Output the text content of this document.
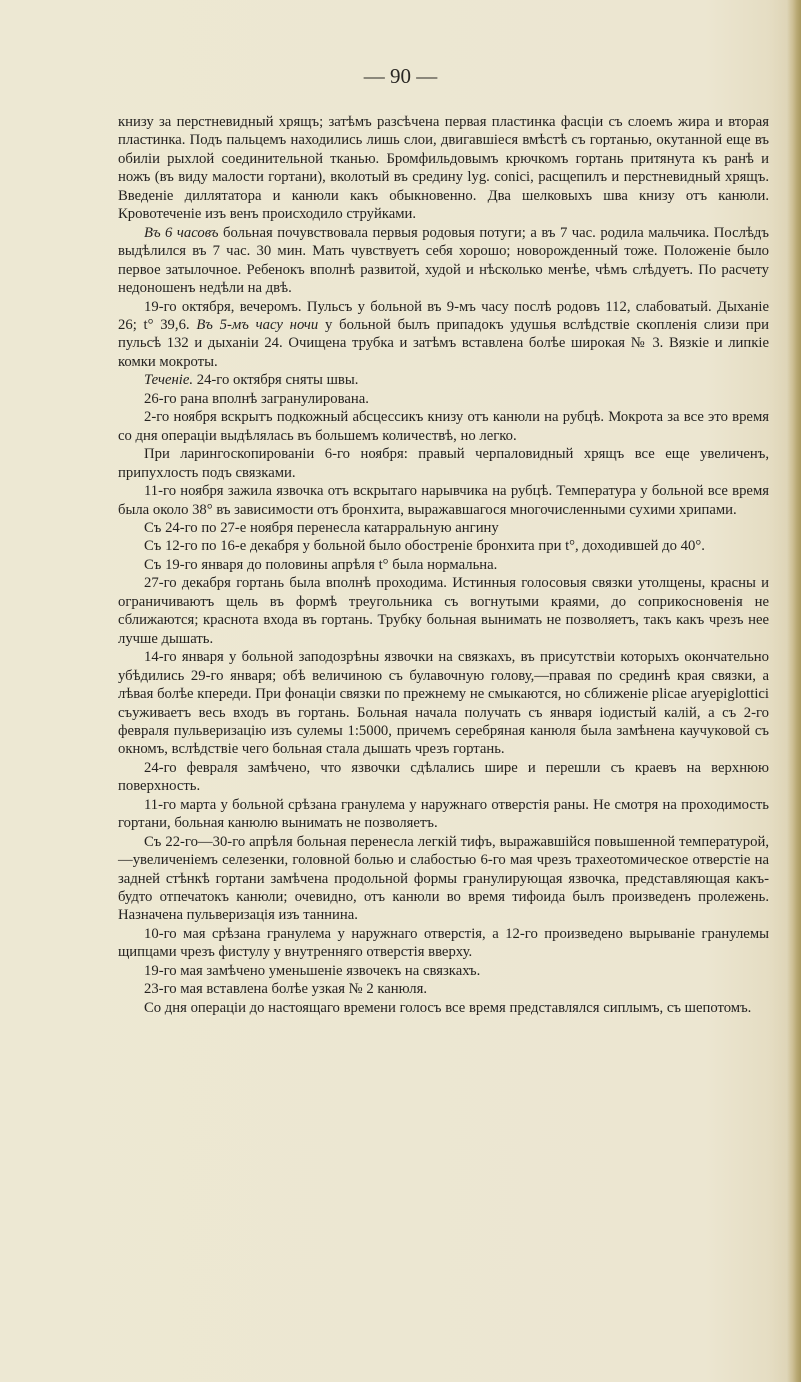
— 90 —

книзу за перстневидный хрящъ; затѣмъ разсѣчена первая пластинка фасціи съ слоемъ жира и вторая пластинка. Подъ пальцемъ находились лишь слои, двигавшіеся вмѣстѣ съ гортанью, окутанной еще въ обиліи рыхлой соединительной тканью. Бромфильдовымъ крючкомъ гортань притянута къ ранѣ и ножъ (въ виду малости гортани), вколотый въ средину lyg. conici, расщепилъ и перстневидный хрящъ. Введеніе диллятатора и канюли какъ обыкновенно. Два шелковыхъ шва книзу отъ канюли. Кровотеченіе изъ венъ происходило струйками.

Въ 6 часовъ больная почувствовала первыя родовыя потуги; а въ 7 час. родила мальчика. Послѣдъ выдѣлился въ 7 час. 30 мин. Мать чувствуетъ себя хорошо; новорожденный тоже. Положеніе было первое затылочное. Ребенокъ вполнѣ развитой, худой и нѣсколько менѣе, чѣмъ слѣдуетъ. По расчету недоношенъ недѣли на двѣ.

19-го октября, вечеромъ. Пульсъ у больной въ 9-мъ часу послѣ родовъ 112, слабоватый. Дыханіе 26; t° 39,6. Въ 5-мъ часу ночи у больной былъ припадокъ удушья вслѣдствіе скопленія слизи при пульсѣ 132 и дыханіи 24. Очищена трубка и затѣмъ вставлена болѣе широкая № 3. Вязкіе и липкіе комки мокроты.

Теченіе. 24-го октября сняты швы.

26-го рана вполнѣ загранулирована.

2-го ноября вскрытъ подкожный абсцессикъ книзу отъ канюли на рубцѣ. Мокрота за все это время со дня операціи выдѣлялась въ большемъ количествѣ, но легко.

При ларингоскопированіи 6-го ноября: правый черпаловидный хрящъ все еще увеличенъ, припухлость подъ связками.

11-го ноября зажила язвочка отъ вскрытаго нарывчика на рубцѣ. Температура у больной все время была около 38° въ зависимости отъ бронхита, выражавшагося многочисленными сухими хрипами.

Съ 24-го по 27-е ноября перенесла катарральную ангину

Съ 12-го по 16-е декабря у больной было обостреніе бронхита при t°, доходившей до 40°.

Съ 19-го января до половины апрѣля t° была нормальна.

27-го декабря гортань была вполнѣ проходима. Истинныя голосовыя связки утолщены, красны и ограничиваютъ щель въ формѣ треугольника съ вогнутыми краями, до соприкосновенія не сближаются; краснота входа въ гортань. Трубку больная вынимать не позволяетъ, такъ какъ чрезъ нее лучше дышать.

14-го января у больной заподозрѣны язвочки на связкахъ, въ присутствіи которыхъ окончательно убѣдились 29-го января; обѣ величиною съ булавочную голову,—правая по срединѣ края связки, а лѣвая болѣе кпереди. При фонаціи связки по прежнему не смыкаются, но сближеніе plicae aryepiglotticі съуживаетъ весь входъ въ гортань. Больная начала получать съ января іодистый калій, а съ 2-го февраля пульверизацію изъ сулемы 1:5000, причемъ серебряная канюля была замѣнена каучуковой съ окномъ, вслѣдствіе чего больная стала дышать чрезъ гортань.

24-го февраля замѣчено, что язвочки сдѣлались шире и перешли съ краевъ на верхнюю поверхность.

11-го марта у больной срѣзана гранулема у наружнаго отверстія раны. Не смотря на проходимость гортани, больная канюлю вынимать не позволяетъ.

Съ 22-го—30-го апрѣля больная перенесла легкій тифъ, выражавшійся повышенной температурой,—увеличеніемъ селезенки, головной болью и слабостью 6-го мая чрезъ трахеотомическое отверстіе на задней стѣнкѣ гортани замѣчена продольной формы гранулирующая язвочка, представляющая какъ-будто отпечатокъ канюли; очевидно, отъ канюли во время тифоида былъ произведенъ пролежень. Назначена пульверизація изъ таннина.

10-го мая срѣзана гранулема у наружнаго отверстія, а 12-го произведено вырываніе гранулемы щипцами чрезъ фистулу у внутренняго отверстія вверху.

19-го мая замѣчено уменьшеніе язвочекъ на связкахъ.

23-го мая вставлена болѣе узкая № 2 канюля.

Со дня операціи до настоящаго времени голосъ все время представлялся сиплымъ, съ шепотомъ.
